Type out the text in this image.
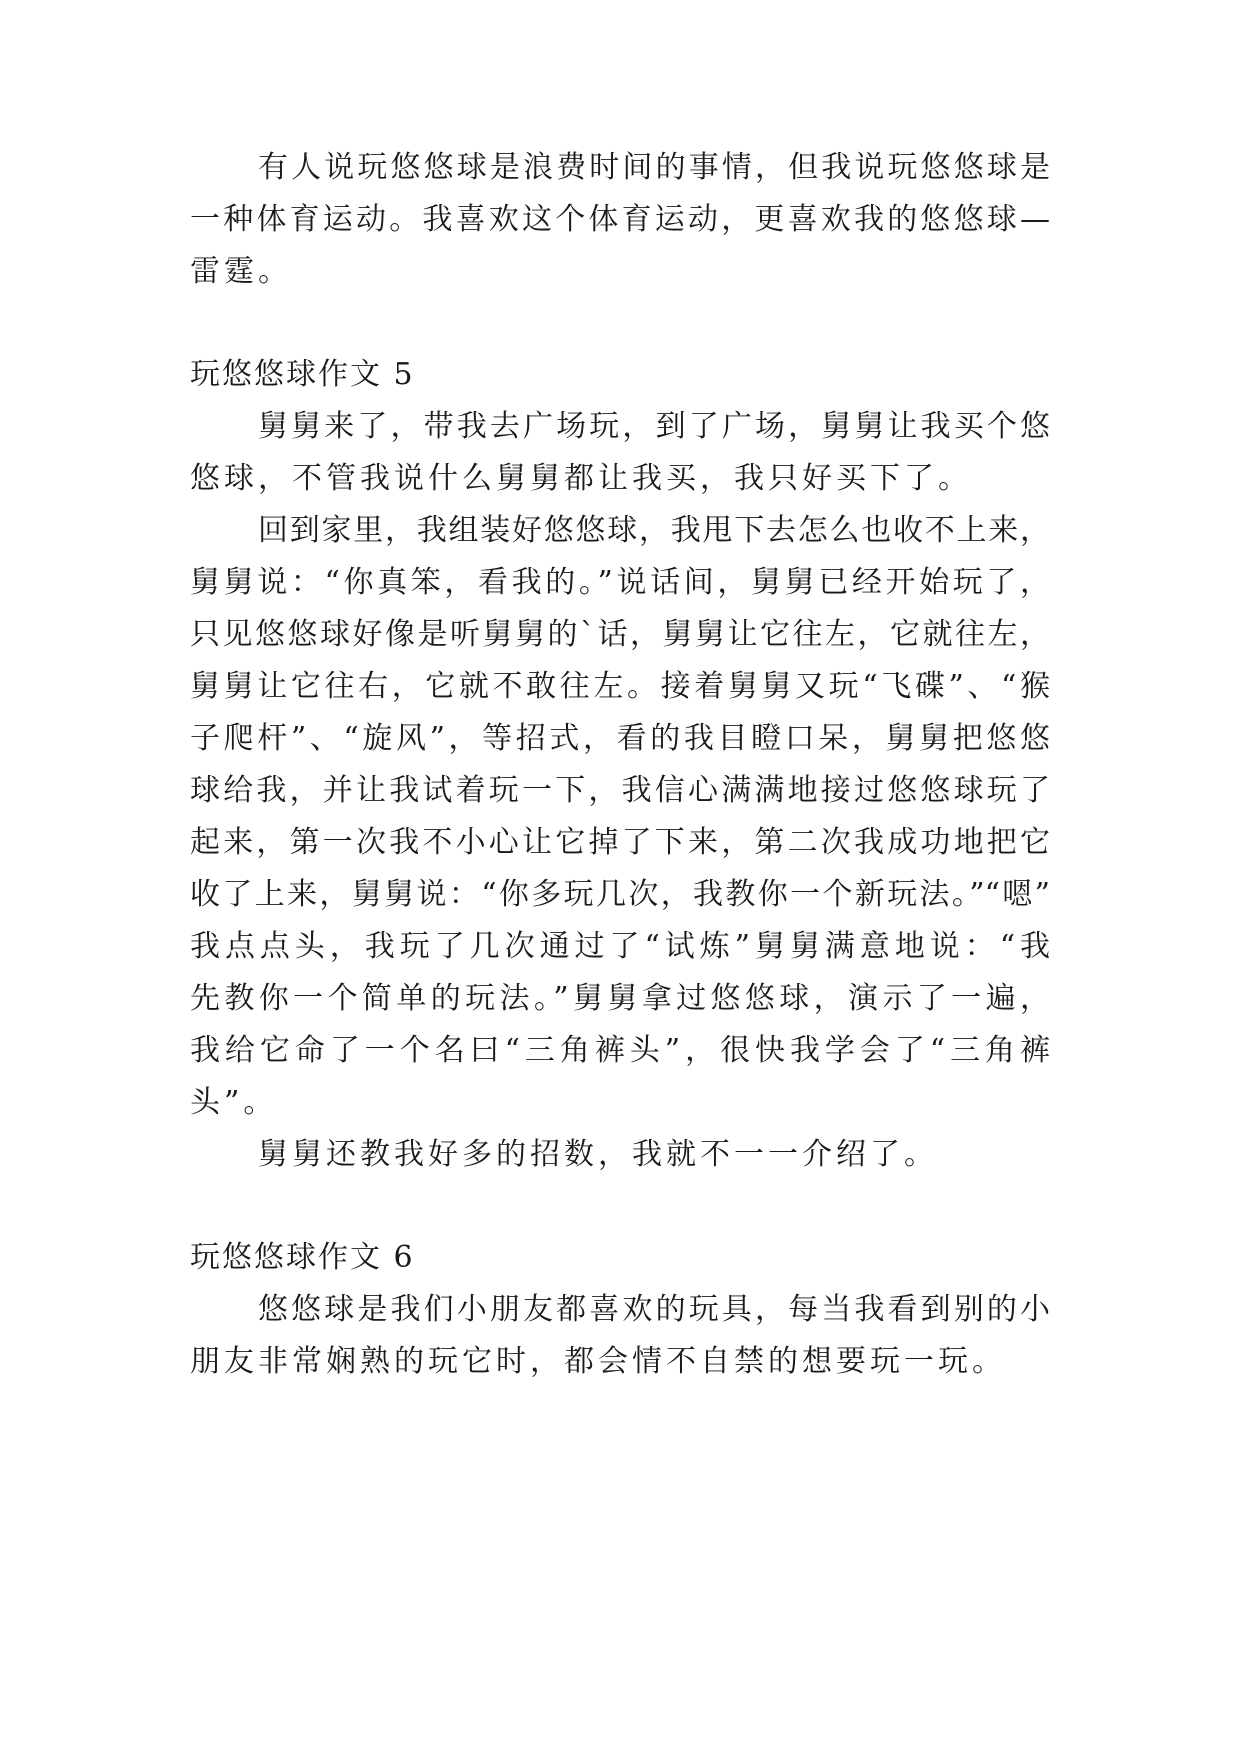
有人说玩悠悠球是浪费时间的事情，但我说玩悠悠球是

一种体育运动。我喜欢这个体育运动，更喜欢我的悠悠球—

雷霆。

玩悠悠球作文 5

舅舅来了，带我去广场玩，到了广场，舅舅让我买个悠

悠球，不管我说什么舅舅都让我买，我只好买下了。

回到家里，我组装好悠悠球，我甩下去怎么也收不上来，

舅舅说：“你真笨，看我的。”说话间，舅舅已经开始玩了，

只见悠悠球好像是听舅舅的`话，舅舅让它往左，它就往左，

舅舅让它往右，它就不敢往左。接着舅舅又玩“飞碟”、“猴

子爬杆”、“旋风”，等招式，看的我目瞪口呆，舅舅把悠悠

球给我，并让我试着玩一下，我信心满满地接过悠悠球玩了

起来，第一次我不小心让它掉了下来，第二次我成功地把它

收了上来，舅舅说：“你多玩几次，我教你一个新玩法。”“嗯”

我点点头，我玩了几次通过了“试炼”舅舅满意地说：“我

先教你一个简单的玩法。”舅舅拿过悠悠球，演示了一遍，

我给它命了一个名曰“三角裤头”，很快我学会了“三角裤

头”。

舅舅还教我好多的招数，我就不一一介绍了。

玩悠悠球作文 6

悠悠球是我们小朋友都喜欢的玩具，每当我看到别的小

朋友非常娴熟的玩它时，都会情不自禁的想要玩一玩。
